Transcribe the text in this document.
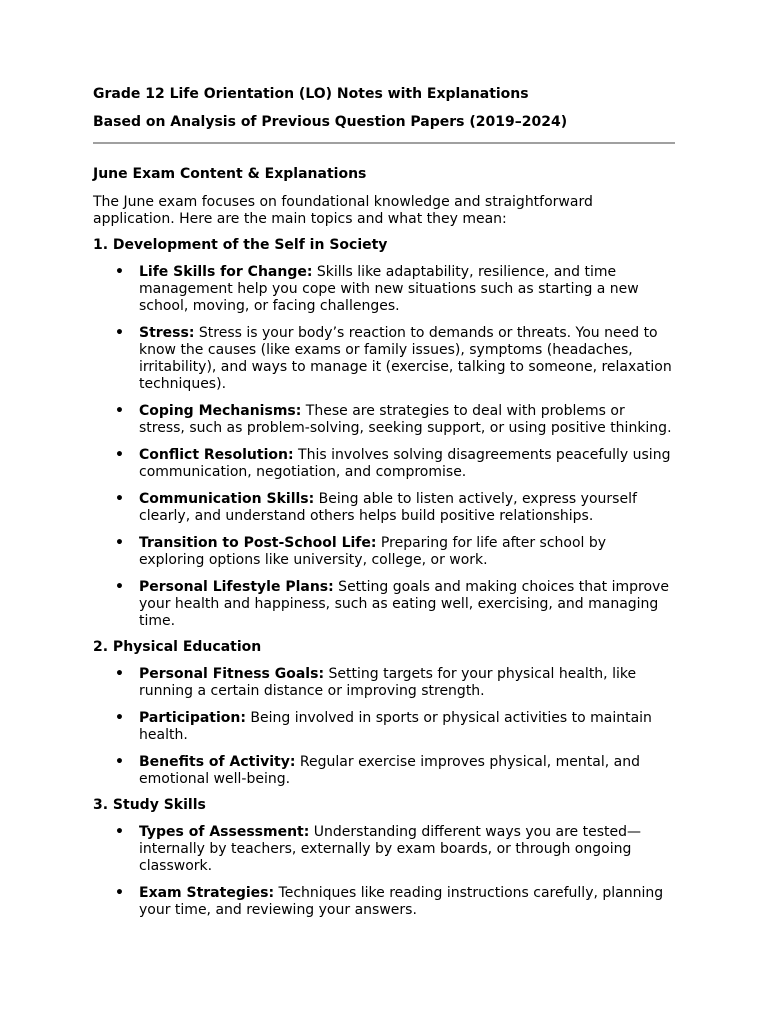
Grade 12 Life Orientation (LO) Notes with Explanations

Based on Analysis of Previous Question Papers (2019–2024)

June Exam Content & Explanations

The June exam focuses on foundational knowledge and straightforward application. Here are the main topics and what they mean:

1. Development of the Self in Society

• Life Skills for Change: Skills like adaptability, resilience, and time management help you cope with new situations such as starting a new school, moving, or facing challenges.
• Stress: Stress is your body’s reaction to demands or threats. You need to know the causes (like exams or family issues), symptoms (headaches, irritability), and ways to manage it (exercise, talking to someone, relaxation techniques).
• Coping Mechanisms: These are strategies to deal with problems or stress, such as problem-solving, seeking support, or using positive thinking.
• Conflict Resolution: This involves solving disagreements peacefully using communication, negotiation, and compromise.
• Communication Skills: Being able to listen actively, express yourself clearly, and understand others helps build positive relationships.
• Transition to Post-School Life: Preparing for life after school by exploring options like university, college, or work.
• Personal Lifestyle Plans: Setting goals and making choices that improve your health and happiness, such as eating well, exercising, and managing time.

2. Physical Education

• Personal Fitness Goals: Setting targets for your physical health, like running a certain distance or improving strength.
• Participation: Being involved in sports or physical activities to maintain health.
• Benefits of Activity: Regular exercise improves physical, mental, and emotional well-being.

3. Study Skills

• Types of Assessment: Understanding different ways you are tested—internally by teachers, externally by exam boards, or through ongoing classwork.
• Exam Strategies: Techniques like reading instructions carefully, planning your time, and reviewing your answers.
